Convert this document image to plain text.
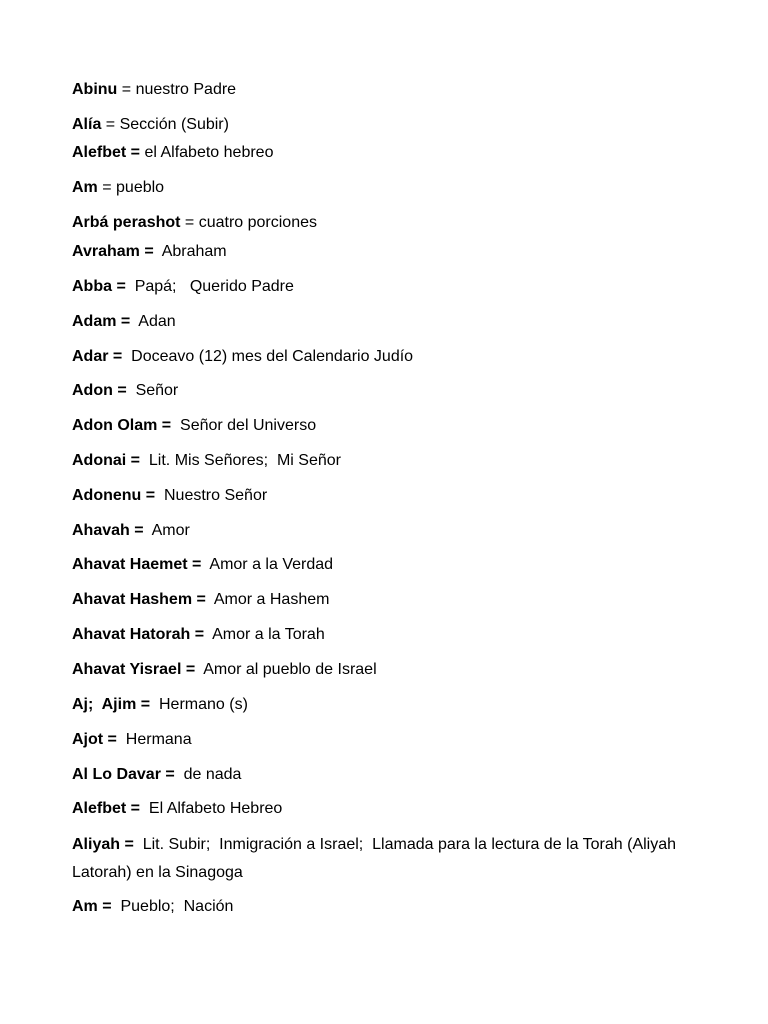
Abinu = nuestro Padre
Alía = Sección (Subir)
Alefbet = el Alfabeto hebreo
Am = pueblo
Arbá perashot = cuatro porciones
Avraham = Abraham
Abba = Papá;   Querido Padre
Adam = Adan
Adar = Doceavo (12) mes del Calendario Judío
Adon = Señor
Adon Olam = Señor del Universo
Adonai = Lit. Mis Señores;  Mi Señor
Adonenu = Nuestro Señor
Ahavah = Amor
Ahavat Haemet = Amor a la Verdad
Ahavat Hashem = Amor a Hashem
Ahavat Hatorah = Amor a la Torah
Ahavat Yisrael = Amor al pueblo de Israel
Aj;  Ajim = Hermano (s)
Ajot = Hermana
Al Lo Davar = de nada
Alefbet = El Alfabeto Hebreo
Aliyah = Lit. Subir;  Inmigración a Israel;  Llamada para la lectura de la Torah (Aliyah Latorah) en la Sinagoga
Am = Pueblo;  Nación
